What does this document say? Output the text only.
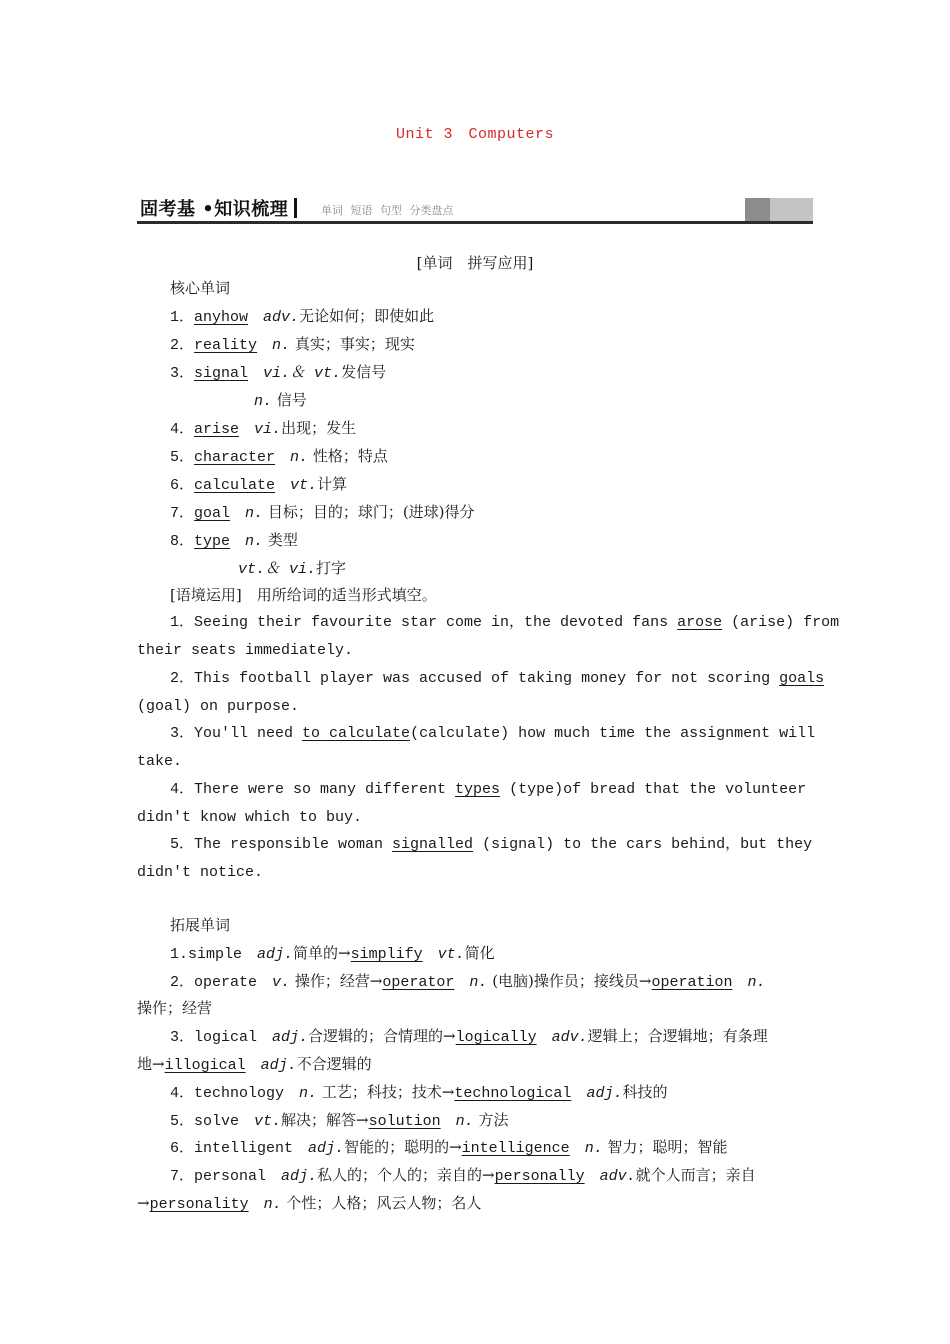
Unit 3　Computers
固考基 •知识梳理	单词 短语 句型 分类盘点
[单词　拼写应用]
核心单词
1．anyhow　 adv.无论如何；即使如此
2．reality　 n. 真实；事实；现实
3．signal　 vi.＆ vt.发信号
n. 信号
4．arise　 vi.出现；发生
5．character　 n. 性格；特点
6．calculate　 vt.计算
7．goal　 n. 目标；目的；球门；(进球)得分
8．type　 n. 类型
vt.＆ vi.打字
[语境运用]　用所给词的适当形式填空。
1．Seeing their favourite star come in，the devoted fans arose (arise) from
their seats immediately.
2．This football player was accused of taking money for not scoring goals
(goal) on purpose.
3．You'll need to calculate(calculate) how much time the assignment will
take.
4．There were so many different types (type)of bread that the volunteer
didn't know which to buy.
5．The responsible woman signalled (signal) to the cars behind，but they
didn't notice.
拓展单词
1.simple　 adj.简单的→simplify　 vt.简化
2．operate　 v. 操作；经营→operator　 n. (电脑)操作员；接线员→operation　 n.
操作；经营
3．logical　 adj.合逻辑的；合情理的→logically　 adv.逻辑上；合逻辑地；有条理
地→illogical　 adj.不合逻辑的
4．technology　 n. 工艺；科技；技术→technological　 adj.科技的
5．solve　 vt.解决；解答→solution　 n. 方法
6．intelligent　 adj.智能的；聪明的→intelligence　 n. 智力；聪明；智能
7．personal　 adj.私人的；个人的；亲自的→personally　 adv.就个人而言；亲自
→personality　 n. 个性；人格；风云人物；名人
